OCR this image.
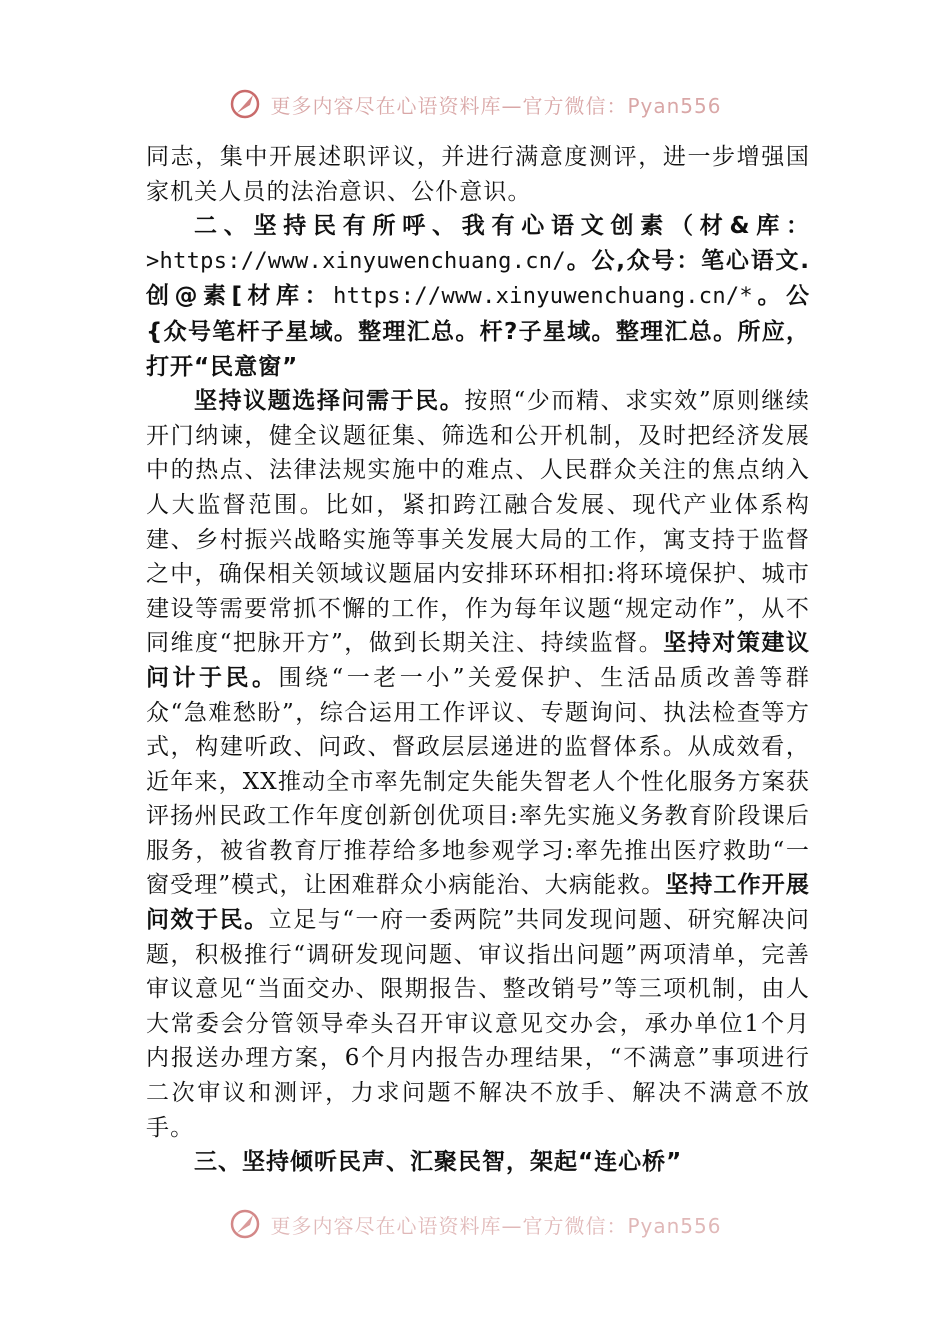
更多内容尽在心语资料库—官方微信：Pyan556

同志，集中开展述职评议，并进行满意度测评，进一步增强国家机关人员的法治意识、公仆意识。

二、坚持民有所呼、我有心语文创素（材&库：>https://www.xinyuwenchuang.cn/。公,众号：笔心语文.创@素[材库：https://www.xinyuwenchuang.cn/*。公{众号笔杆子星域。整理汇总。杆?子星域。整理汇总。所应，打开“民意窗”

坚持议题选择问需于民。按照“少而精、求实效”原则继续开门纳谏，健全议题征集、筛选和公开机制，及时把经济发展中的热点、法律法规实施中的难点、人民群众关注的焦点纳入人大监督范围。比如，紧扣跨江融合发展、现代产业体系构建、乡村振兴战略实施等事关发展大局的工作，寓支持于监督之中，确保相关领域议题届内安排环环相扣:将环境保护、城市建设等需要常抓不懈的工作，作为每年议题“规定动作”，从不同维度“把脉开方”，做到长期关注、持续监督。坚持对策建议问计于民。围绕“一老一小”关爱保护、生活品质改善等群众“急难愁盼”，综合运用工作评议、专题询问、执法检查等方式，构建听政、问政、督政层层递进的监督体系。从成效看，近年来，XX推动全市率先制定失能失智老人个性化服务方案获评扬州民政工作年度创新创优项目:率先实施义务教育阶段课后服务，被省教育厅推荐给多地参观学习:率先推出医疗救助“一窗受理”模式，让困难群众小病能治、大病能救。坚持工作开展问效于民。立足与“一府一委两院”共同发现问题、研究解决问题，积极推行“调研发现问题、审议指出问题”两项清单，完善审议意见“当面交办、限期报告、整改销号”等三项机制，由人大常委会分管领导牵头召开审议意见交办会，承办单位1个月内报送办理方案，6个月内报告办理结果，“不满意”事项进行二次审议和测评，力求问题不解决不放手、解决不满意不放手。

三、坚持倾听民声、汇聚民智，架起“连心桥”

更多内容尽在心语资料库—官方微信：Pyan556
